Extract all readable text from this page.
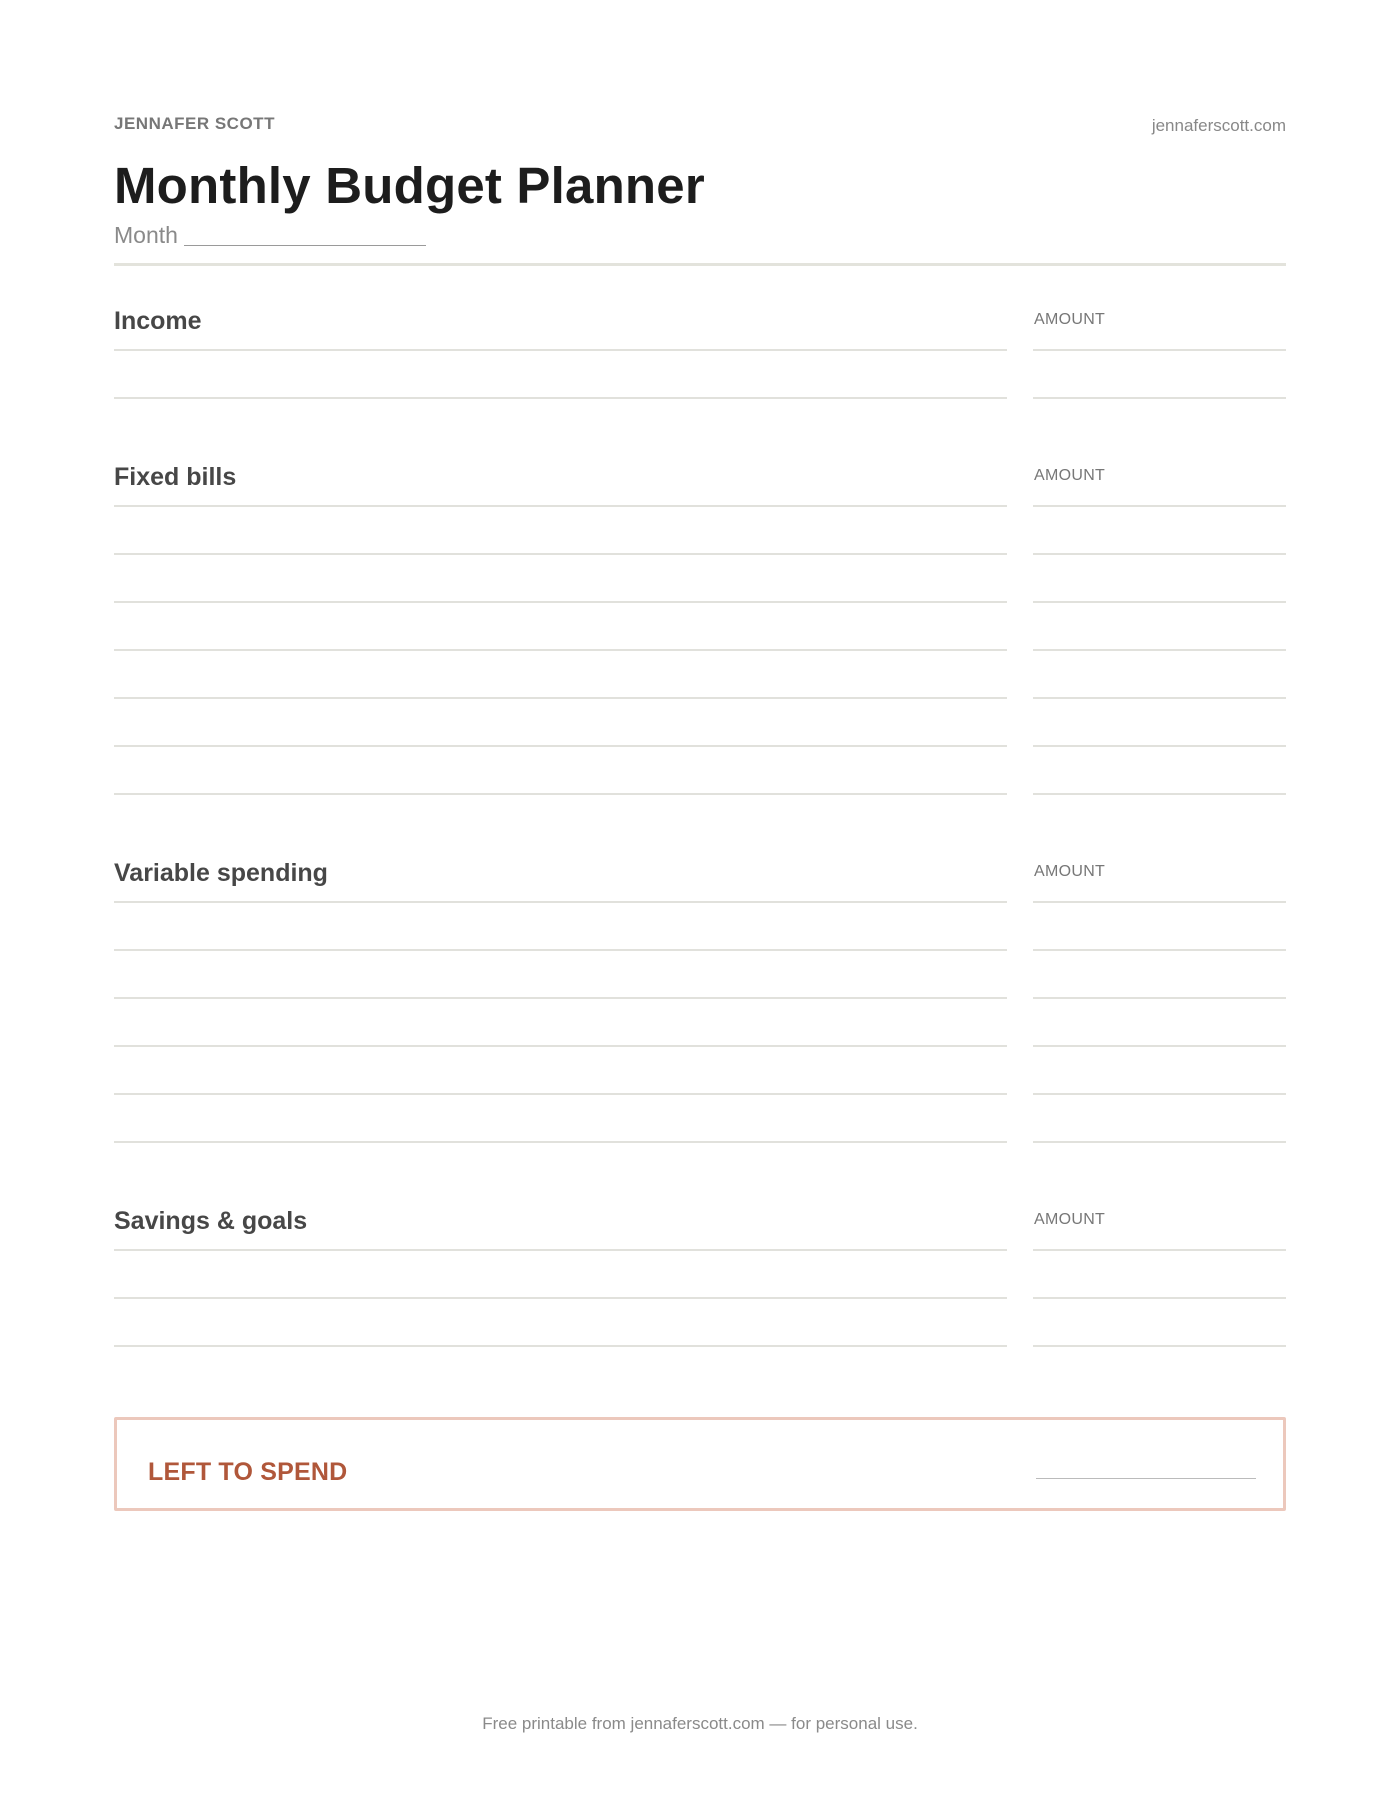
JENNAFER SCOTT	jennaferscott.com
Monthly Budget Planner
Month
Income	AMOUNT
Fixed bills	AMOUNT
Variable spending	AMOUNT
Savings & goals	AMOUNT
LEFT TO SPEND
Free printable from jennaferscott.com — for personal use.
